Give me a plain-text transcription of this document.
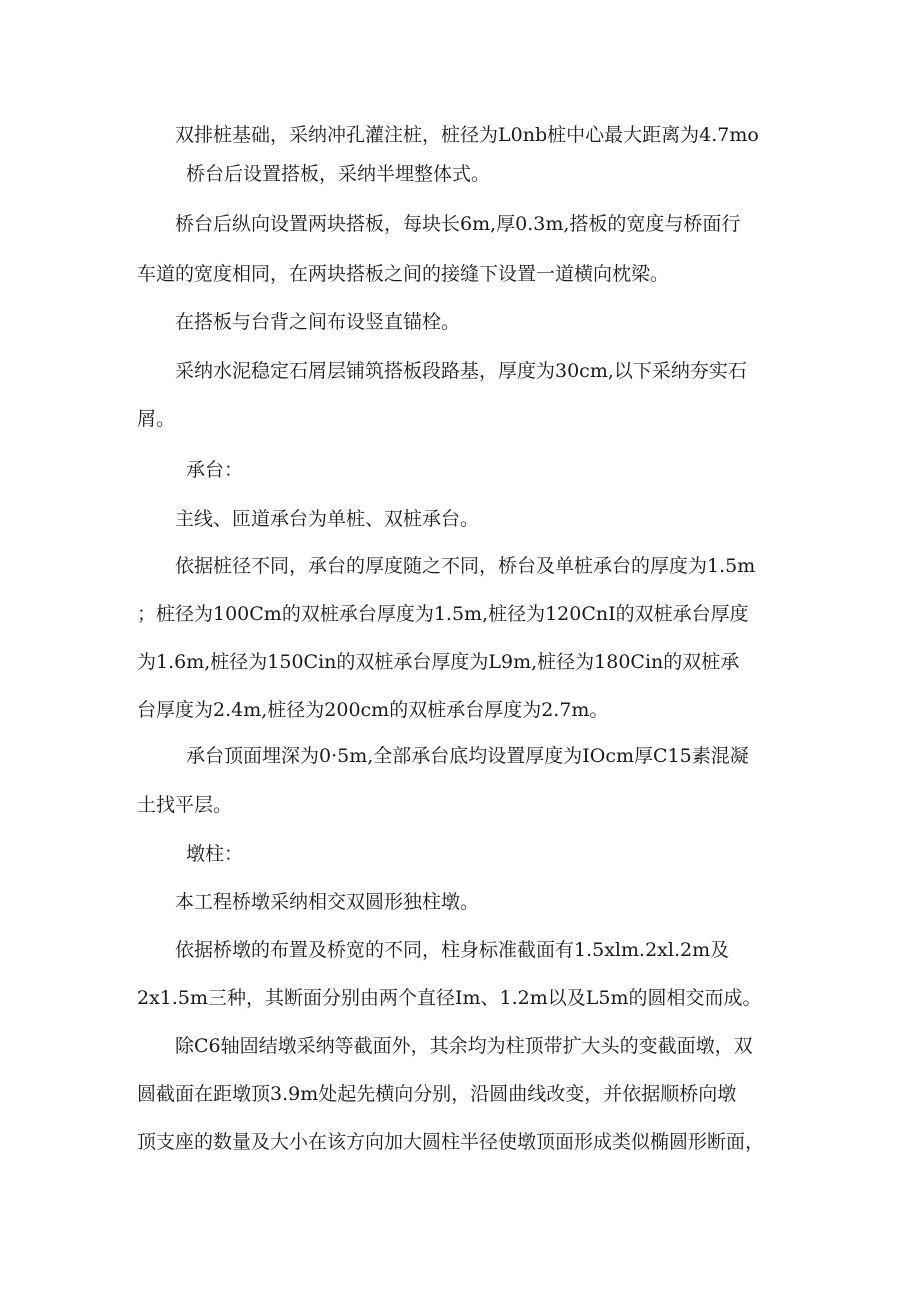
双排桩基础，采纳冲孔灌注桩，桩径为L0nb桩中心最大距离为4.7mo
桥台后设置搭板，采纳半埋整体式。
桥台后纵向设置两块搭板，每块长6m,厚0.3m,搭板的宽度与桥面行
车道的宽度相同，在两块搭板之间的接缝下设置一道横向枕梁。
在搭板与台背之间布设竖直锚栓。
采纳水泥稳定石屑层铺筑搭板段路基，厚度为30cm,以下采纳夯实石
屑。
承台：
主线、匝道承台为单桩、双桩承台。
依据桩径不同，承台的厚度随之不同，桥台及单桩承台的厚度为1.5m
；桩径为100Cm的双桩承台厚度为1.5m,桩径为120CnI的双桩承台厚度
为1.6m,桩径为150Cin的双桩承台厚度为L9m,桩径为180Cin的双桩承
台厚度为2.4m,桩径为200cm的双桩承台厚度为2.7m。
承台顶面埋深为0·5m,全部承台底均设置厚度为IOcm厚C15素混凝
土找平层。
墩柱：
本工程桥墩采纳相交双圆形独柱墩。
依据桥墩的布置及桥宽的不同，柱身标准截面有1.5xlm.2xl.2m及
2x1.5m三种，其断面分别由两个直径Im、1.2m以及L5m的圆相交而成。
除C6轴固结墩采纳等截面外，其余均为柱顶带扩大头的变截面墩，双
圆截面在距墩顶3.9m处起先横向分别，沿圆曲线改变，并依据顺桥向墩
顶支座的数量及大小在该方向加大圆柱半径使墩顶面形成类似椭圆形断面，
